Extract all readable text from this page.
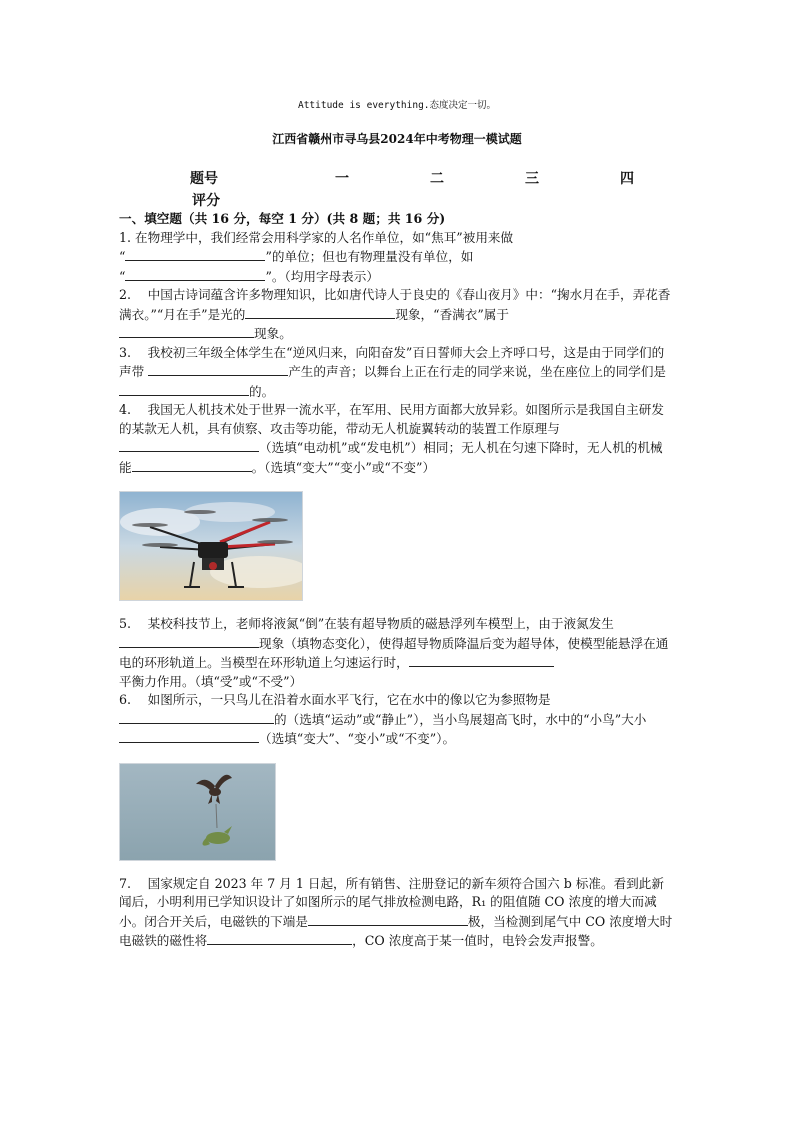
Attitude is everything.态度决定一切。
江西省赣州市寻乌县2024年中考物理一模试题
题号	一	二	三	四
评分

一、填空题（共 16 分，每空 1 分）(共 8 题；共 16 分)

1. 在物理学中，我们经常会用科学家的人名作单位，如“焦耳”被用来做
“	”的单位；但也有物理量没有单位，如
“	”。（均用字母表示）

2.　 中国古诗词蕴含许多物理知识，比如唐代诗人于良史的《春山夜月》中：“掬水月在手，弄花香满衣。”“月在手”是光的	现象，“香满衣”属于
现象。

3.　 我校初三年级全体学生在“逆风归来，向阳奋发”百日誓师大会上齐呼口号，这是由于同学们的声带	产生的声音；以舞台上正在行走的同学来说，坐在座位上的同学们是 的。

4.　 我国无人机技术处于世界一流水平，在军用、民用方面都大放异彩。如图所示是我国自主研发的某款无人机，具有侦察、攻击等功能，带动无人机旋翼转动的装置工作原理与
（选填“电动机”或“发电机”）相同；无人机在匀速下降时，无人机的机械能	。（选填“变大”“变小”或“不变”）

5.　 某校科技节上，老师将液氮“倒”在装有超导物质的磁悬浮列车模型上，由于液氮发生 现象（填物态变化），使得超导物质降温后变为超导体，使模型能悬浮在通电的环形轨道上。当模型在环形轨道上匀速运行时，
平衡力作用。（填“受”或“不受”）

6.　 如图所示，一只鸟儿在沿着水面水平飞行，它在水中的像以它为参照物是
的（选填“运动”或“静止”），当小鸟展翅高飞时，水中的“小鸟”大小 （选填“变大”、“变小”或“不变”）。

7.　 国家规定自 2023 年 7 月 1 日起，所有销售、注册登记的新车须符合国六 b 标准。看到此新闻后，小明利用已学知识设计了如图所示的尾气排放检测电路，R₁ 的阻值随 CO 浓度的增大而减小。闭合开关后，电磁铁的下端是	极，当检测到尾气中 CO 浓度增大时电磁铁的磁性将	，CO 浓度高于某一值时，电铃会发声报警。
